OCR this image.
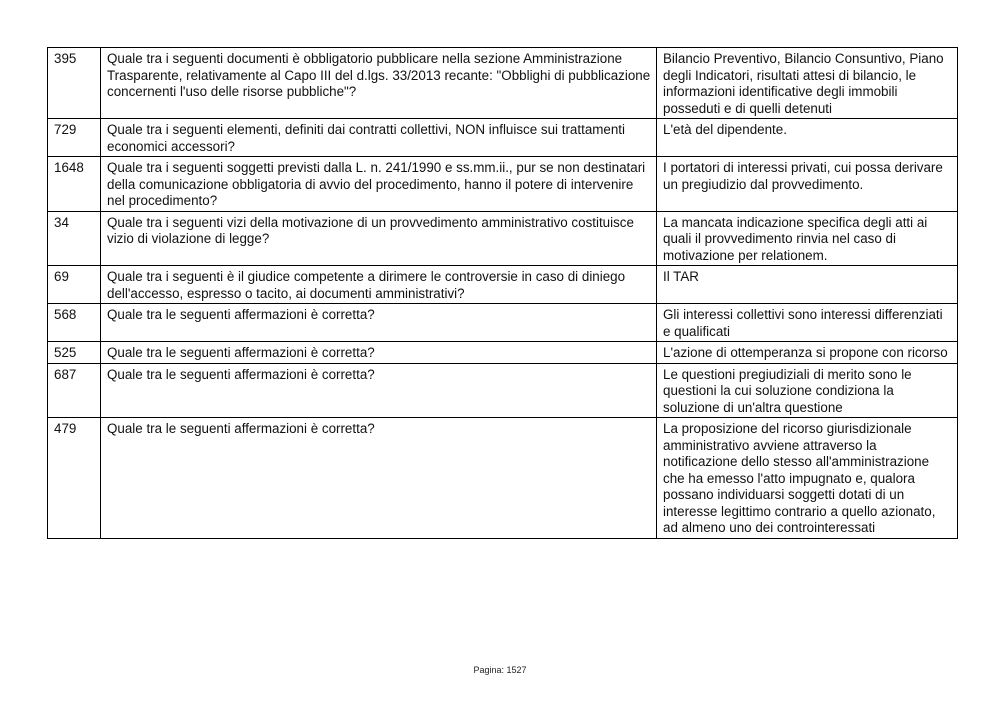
395	Quale tra i seguenti documenti è obbligatorio pubblicare nella sezione Amministrazione Trasparente, relativamente al Capo III del d.lgs. 33/2013 recante: "Obblighi di pubblicazione concernenti l'uso delle risorse pubbliche"?	Bilancio Preventivo, Bilancio Consuntivo, Piano degli Indicatori, risultati attesi di bilancio, le informazioni identificative degli immobili posseduti e di quelli detenuti
729	Quale tra i seguenti elementi, definiti dai contratti collettivi, NON influisce sui trattamenti economici accessori?	L'età del dipendente.
1648	Quale tra i seguenti soggetti previsti dalla L. n. 241/1990 e ss.mm.ii., pur se non destinatari della comunicazione obbligatoria di avvio del procedimento, hanno il potere di intervenire nel procedimento?	I portatori di interessi privati, cui possa derivare un pregiudizio dal provvedimento.
34	Quale tra i seguenti vizi della motivazione di un provvedimento amministrativo costituisce vizio di violazione di legge?	La mancata indicazione specifica degli atti ai quali il provvedimento rinvia nel caso di motivazione per relationem.
69	Quale tra i seguenti è il giudice competente a dirimere le controversie in caso di diniego dell'accesso, espresso o tacito, ai documenti amministrativi?	Il TAR
568	Quale tra le seguenti affermazioni è corretta?	Gli interessi collettivi sono interessi differenziati e qualificati
525	Quale tra le seguenti affermazioni è corretta?	L'azione di ottemperanza si propone con ricorso
687	Quale tra le seguenti affermazioni è corretta?	Le questioni pregiudiziali di merito sono le questioni la cui soluzione condiziona la soluzione di un'altra questione
479	Quale tra le seguenti affermazioni è corretta?	La proposizione del ricorso giurisdizionale amministrativo avviene attraverso la notificazione dello stesso all'amministrazione che ha emesso l'atto impugnato e, qualora possano individuarsi soggetti dotati di un interesse legittimo contrario a quello azionato, ad almeno uno dei controinteressati
Pagina: 1527
